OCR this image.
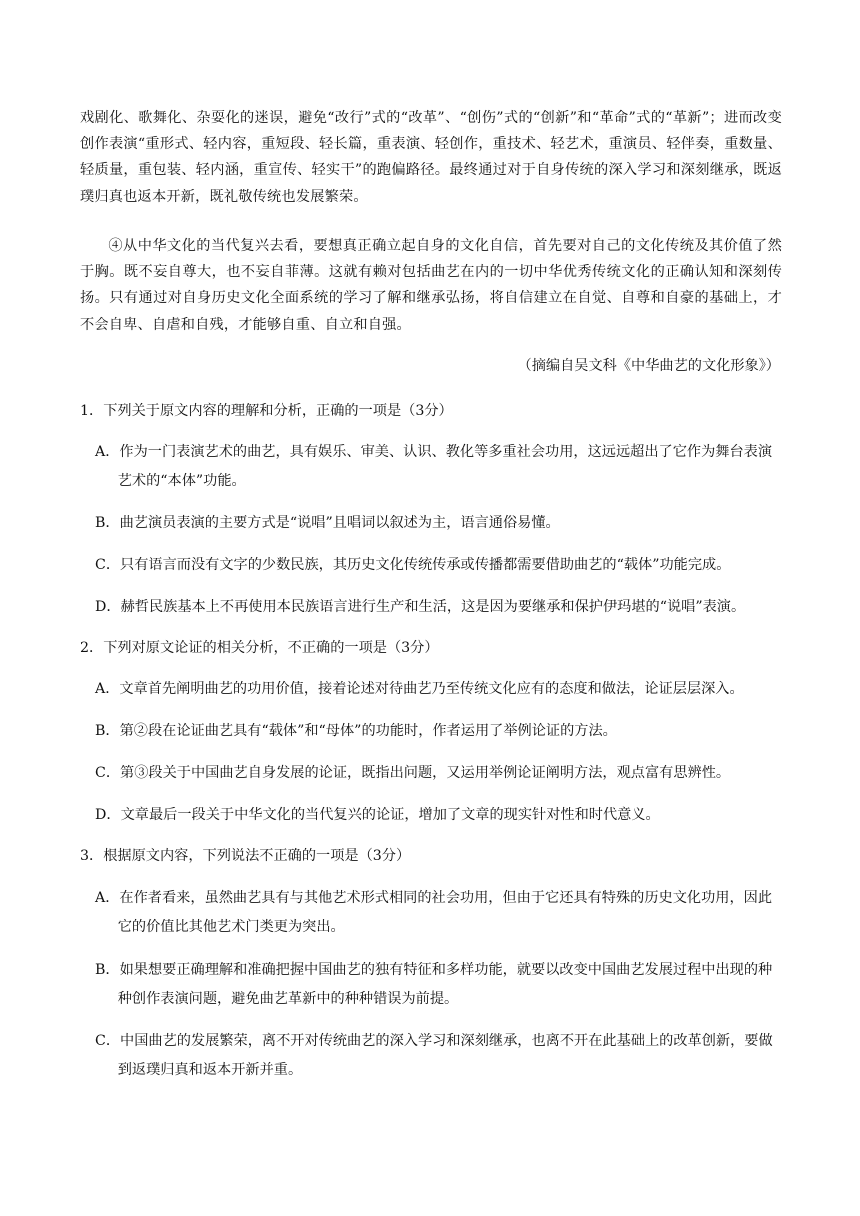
戏剧化、歌舞化、杂耍化的迷误，避免“改行”式的“改革”、“创伤”式的“创新”和“革命”式的“革新”；进而改变创作表演“重形式、轻内容，重短段、轻长篇，重表演、轻创作，重技术、轻艺术，重演员、轻伴奏，重数量、轻质量，重包装、轻内涵，重宣传、轻实干”的跑偏路径。最终通过对于自身传统的深入学习和深刻继承，既返璞归真也返本开新，既礼敬传统也发展繁荣。

④从中华文化的当代复兴去看，要想真正确立起自身的文化自信，首先要对自己的文化传统及其价值了然于胸。既不妄自尊大，也不妄自菲薄。这就有赖对包括曲艺在内的一切中华优秀传统文化的正确认知和深刻传扬。只有通过对自身历史文化全面系统的学习了解和继承弘扬，将自信建立在自觉、自尊和自豪的基础上，才不会自卑、自虐和自残，才能够自重、自立和自强。

（摘编自吴文科《中华曲艺的文化形象》）

1．下列关于原文内容的理解和分析，正确的一项是（3分）

A．作为一门表演艺术的曲艺，具有娱乐、审美、认识、教化等多重社会功用，这远远超出了它作为舞台表演艺术的“本体”功能。

B．曲艺演员表演的主要方式是“说唱”且唱词以叙述为主，语言通俗易懂。

C．只有语言而没有文字的少数民族，其历史文化传统传承或传播都需要借助曲艺的“载体”功能完成。

D．赫哲民族基本上不再使用本民族语言进行生产和生活，这是因为要继承和保护伊玛堪的“说唱”表演。

2．下列对原文论证的相关分析，不正确的一项是（3分）

A．文章首先阐明曲艺的功用价值，接着论述对待曲艺乃至传统文化应有的态度和做法，论证层层深入。

B．第②段在论证曲艺具有“载体”和“母体”的功能时，作者运用了举例论证的方法。

C．第③段关于中国曲艺自身发展的论证，既指出问题，又运用举例论证阐明方法，观点富有思辨性。

D．文章最后一段关于中华文化的当代复兴的论证，增加了文章的现实针对性和时代意义。

3．根据原文内容，下列说法不正确的一项是（3分）

A．在作者看来，虽然曲艺具有与其他艺术形式相同的社会功用，但由于它还具有特殊的历史文化功用，因此它的价值比其他艺术门类更为突出。

B．如果想要正确理解和准确把握中国曲艺的独有特征和多样功能，就要以改变中国曲艺发展过程中出现的种种创作表演问题，避免曲艺革新中的种种错误为前提。

C．中国曲艺的发展繁荣，离不开对传统曲艺的深入学习和深刻继承，也离不开在此基础上的改革创新，要做到返璞归真和返本开新并重。
